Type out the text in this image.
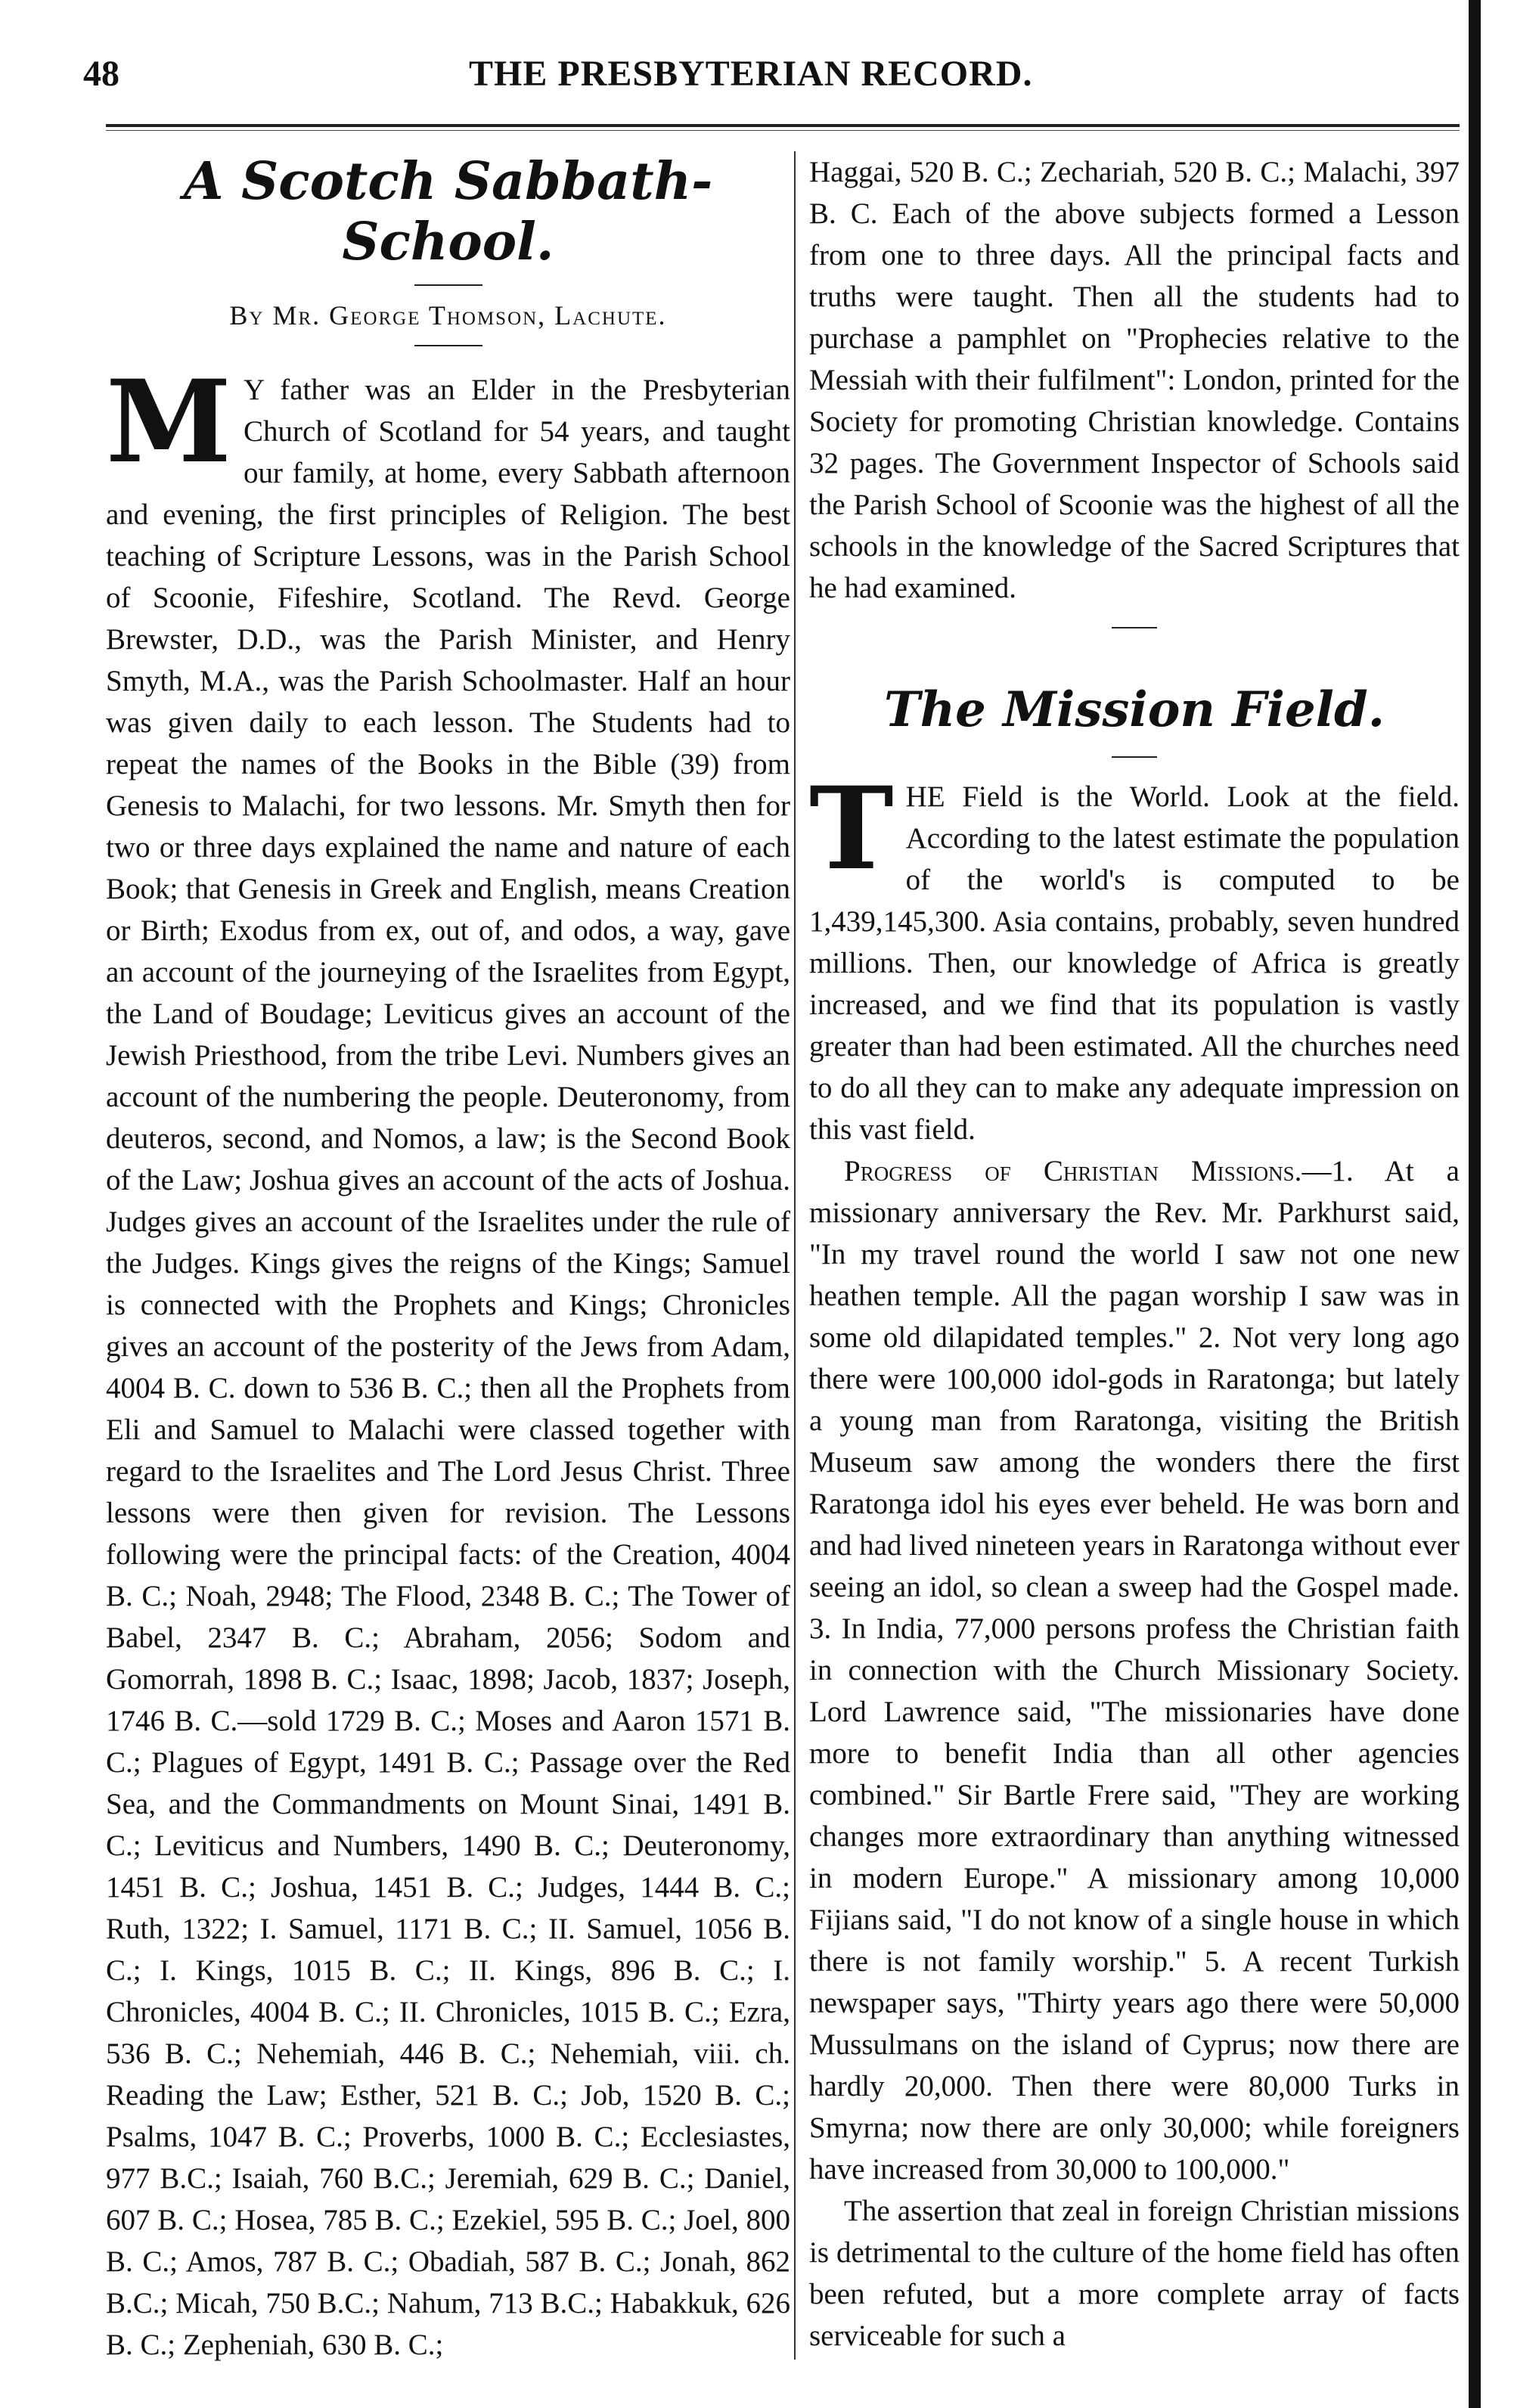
48	THE PRESBYTERIAN RECORD.
A Scotch Sabbath-School.
By Mr. George Thomson, Lachute.

M Y father was an Elder in the Presbyterian Church of Scotland for 54 years, and taught our family, at home, every Sabbath afternoon and evening, the first principles of Religion. The best teaching of Scripture Lessons, was in the Parish School of Scoonie, Fifeshire, Scotland. The Revd. George Brewster, D.D., was the Parish Minister, and Henry Smyth, M.A., was the Parish Schoolmaster. Half an hour was given daily to each lesson. The Students had to repeat the names of the Books in the Bible (39) from Genesis to Malachi, for two lessons. Mr. Smyth then for two or three days explained the name and nature of each Book; that Genesis in Greek and English, means Creation or Birth; Exodus from ex, out of, and odos, a way, gave an account of the journeying of the Israelites from Egypt, the Land of Boudage; Leviticus gives an account of the Jewish Priesthood, from the tribe Levi. Numbers gives an account of the numbering the people. Deuteronomy, from deuteros, second, and Nomos, a law; is the Second Book of the Law; Joshua gives an account of the acts of Joshua. Judges gives an account of the Israelites under the rule of the Judges. Kings gives the reigns of the Kings; Samuel is connected with the Prophets and Kings; Chronicles gives an account of the posterity of the Jews from Adam, 4004 B. C. down to 536 B. C.; then all the Prophets from Eli and Samuel to Malachi were classed together with regard to the Israelites and The Lord Jesus Christ. Three lessons were then given for revision. The Lessons following were the principal facts: of the Creation, 4004 B. C.; Noah, 2948; The Flood, 2348 B. C.; The Tower of Babel, 2347 B. C.; Abraham, 2056; Sodom and Gomorrah, 1898 B. C.; Isaac, 1898; Jacob, 1837; Joseph, 1746 B. C.—sold 1729 B. C.; Moses and Aaron 1571 B. C.; Plagues of Egypt, 1491 B. C.; Passage over the Red Sea, and the Commandments on Mount Sinai, 1491 B. C.; Leviticus and Numbers, 1490 B. C.; Deuteronomy, 1451 B. C.; Joshua, 1451 B. C.; Judges, 1444 B. C.; Ruth, 1322; I. Samuel, 1171 B. C.; II. Samuel, 1056 B. C.; I. Kings, 1015 B. C.; II. Kings, 896 B. C.; I. Chronicles, 4004 B. C.; II. Chronicles, 1015 B. C.; Ezra, 536 B. C.; Nehemiah, 446 B. C.; Nehemiah, viii. ch. Reading the Law; Esther, 521 B. C.; Job, 1520 B. C.; Psalms, 1047 B. C.; Proverbs, 1000 B. C.; Ecclesiastes, 977 B.C.; Isaiah, 760 B.C.; Jeremiah, 629 B. C.; Daniel, 607 B. C.; Hosea, 785 B. C.; Ezekiel, 595 B. C.; Joel, 800 B. C.; Amos, 787 B. C.; Obadiah, 587 B. C.; Jonah, 862 B.C.; Micah, 750 B.C.; Nahum, 713 B.C.; Habakkuk, 626 B. C.; Zepheniah, 630 B. C.;

Haggai, 520 B. C.; Zechariah, 520 B. C.; Malachi, 397 B. C. Each of the above subjects formed a Lesson from one to three days. All the principal facts and truths were taught. Then all the students had to purchase a pamphlet on "Prophecies relative to the Messiah with their fulfilment": London, printed for the Society for promoting Christian knowledge. Contains 32 pages. The Government Inspector of Schools said the Parish School of Scoonie was the highest of all the schools in the knowledge of the Sacred Scriptures that he had examined.

The Mission Field.

THE Field is the World. Look at the field. According to the latest estimate the population of the world's is computed to be 1,439,145,300. Asia contains, probably, seven hundred millions. Then, our knowledge of Africa is greatly increased, and we find that its population is vastly greater than had been estimated. All the churches need to do all they can to make any adequate impression on this vast field.

Progress of Christian Missions.—1. At a missionary anniversary the Rev. Mr. Parkhurst said, "In my travel round the world I saw not one new heathen temple. All the pagan worship I saw was in some old dilapidated temples." 2. Not very long ago there were 100,000 idol-gods in Raratonga; but lately a young man from Raratonga, visiting the British Museum saw among the wonders there the first Raratonga idol his eyes ever beheld. He was born and and had lived nineteen years in Raratonga without ever seeing an idol, so clean a sweep had the Gospel made. 3. In India, 77,000 persons profess the Christian faith in connection with the Church Missionary Society. Lord Lawrence said, "The missionaries have done more to benefit India than all other agencies combined." Sir Bartle Frere said, "They are working changes more extraordinary than anything witnessed in modern Europe." A missionary among 10,000 Fijians said, "I do not know of a single house in which there is not family worship." 5. A recent Turkish newspaper says, "Thirty years ago there were 50,000 Mussulmans on the island of Cyprus; now there are hardly 20,000. Then there were 80,000 Turks in Smyrna; now there are only 30,000; while foreigners have increased from 30,000 to 100,000."

The assertion that zeal in foreign Christian missions is detrimental to the culture of the home field has often been refuted, but a more complete array of facts serviceable for such a
